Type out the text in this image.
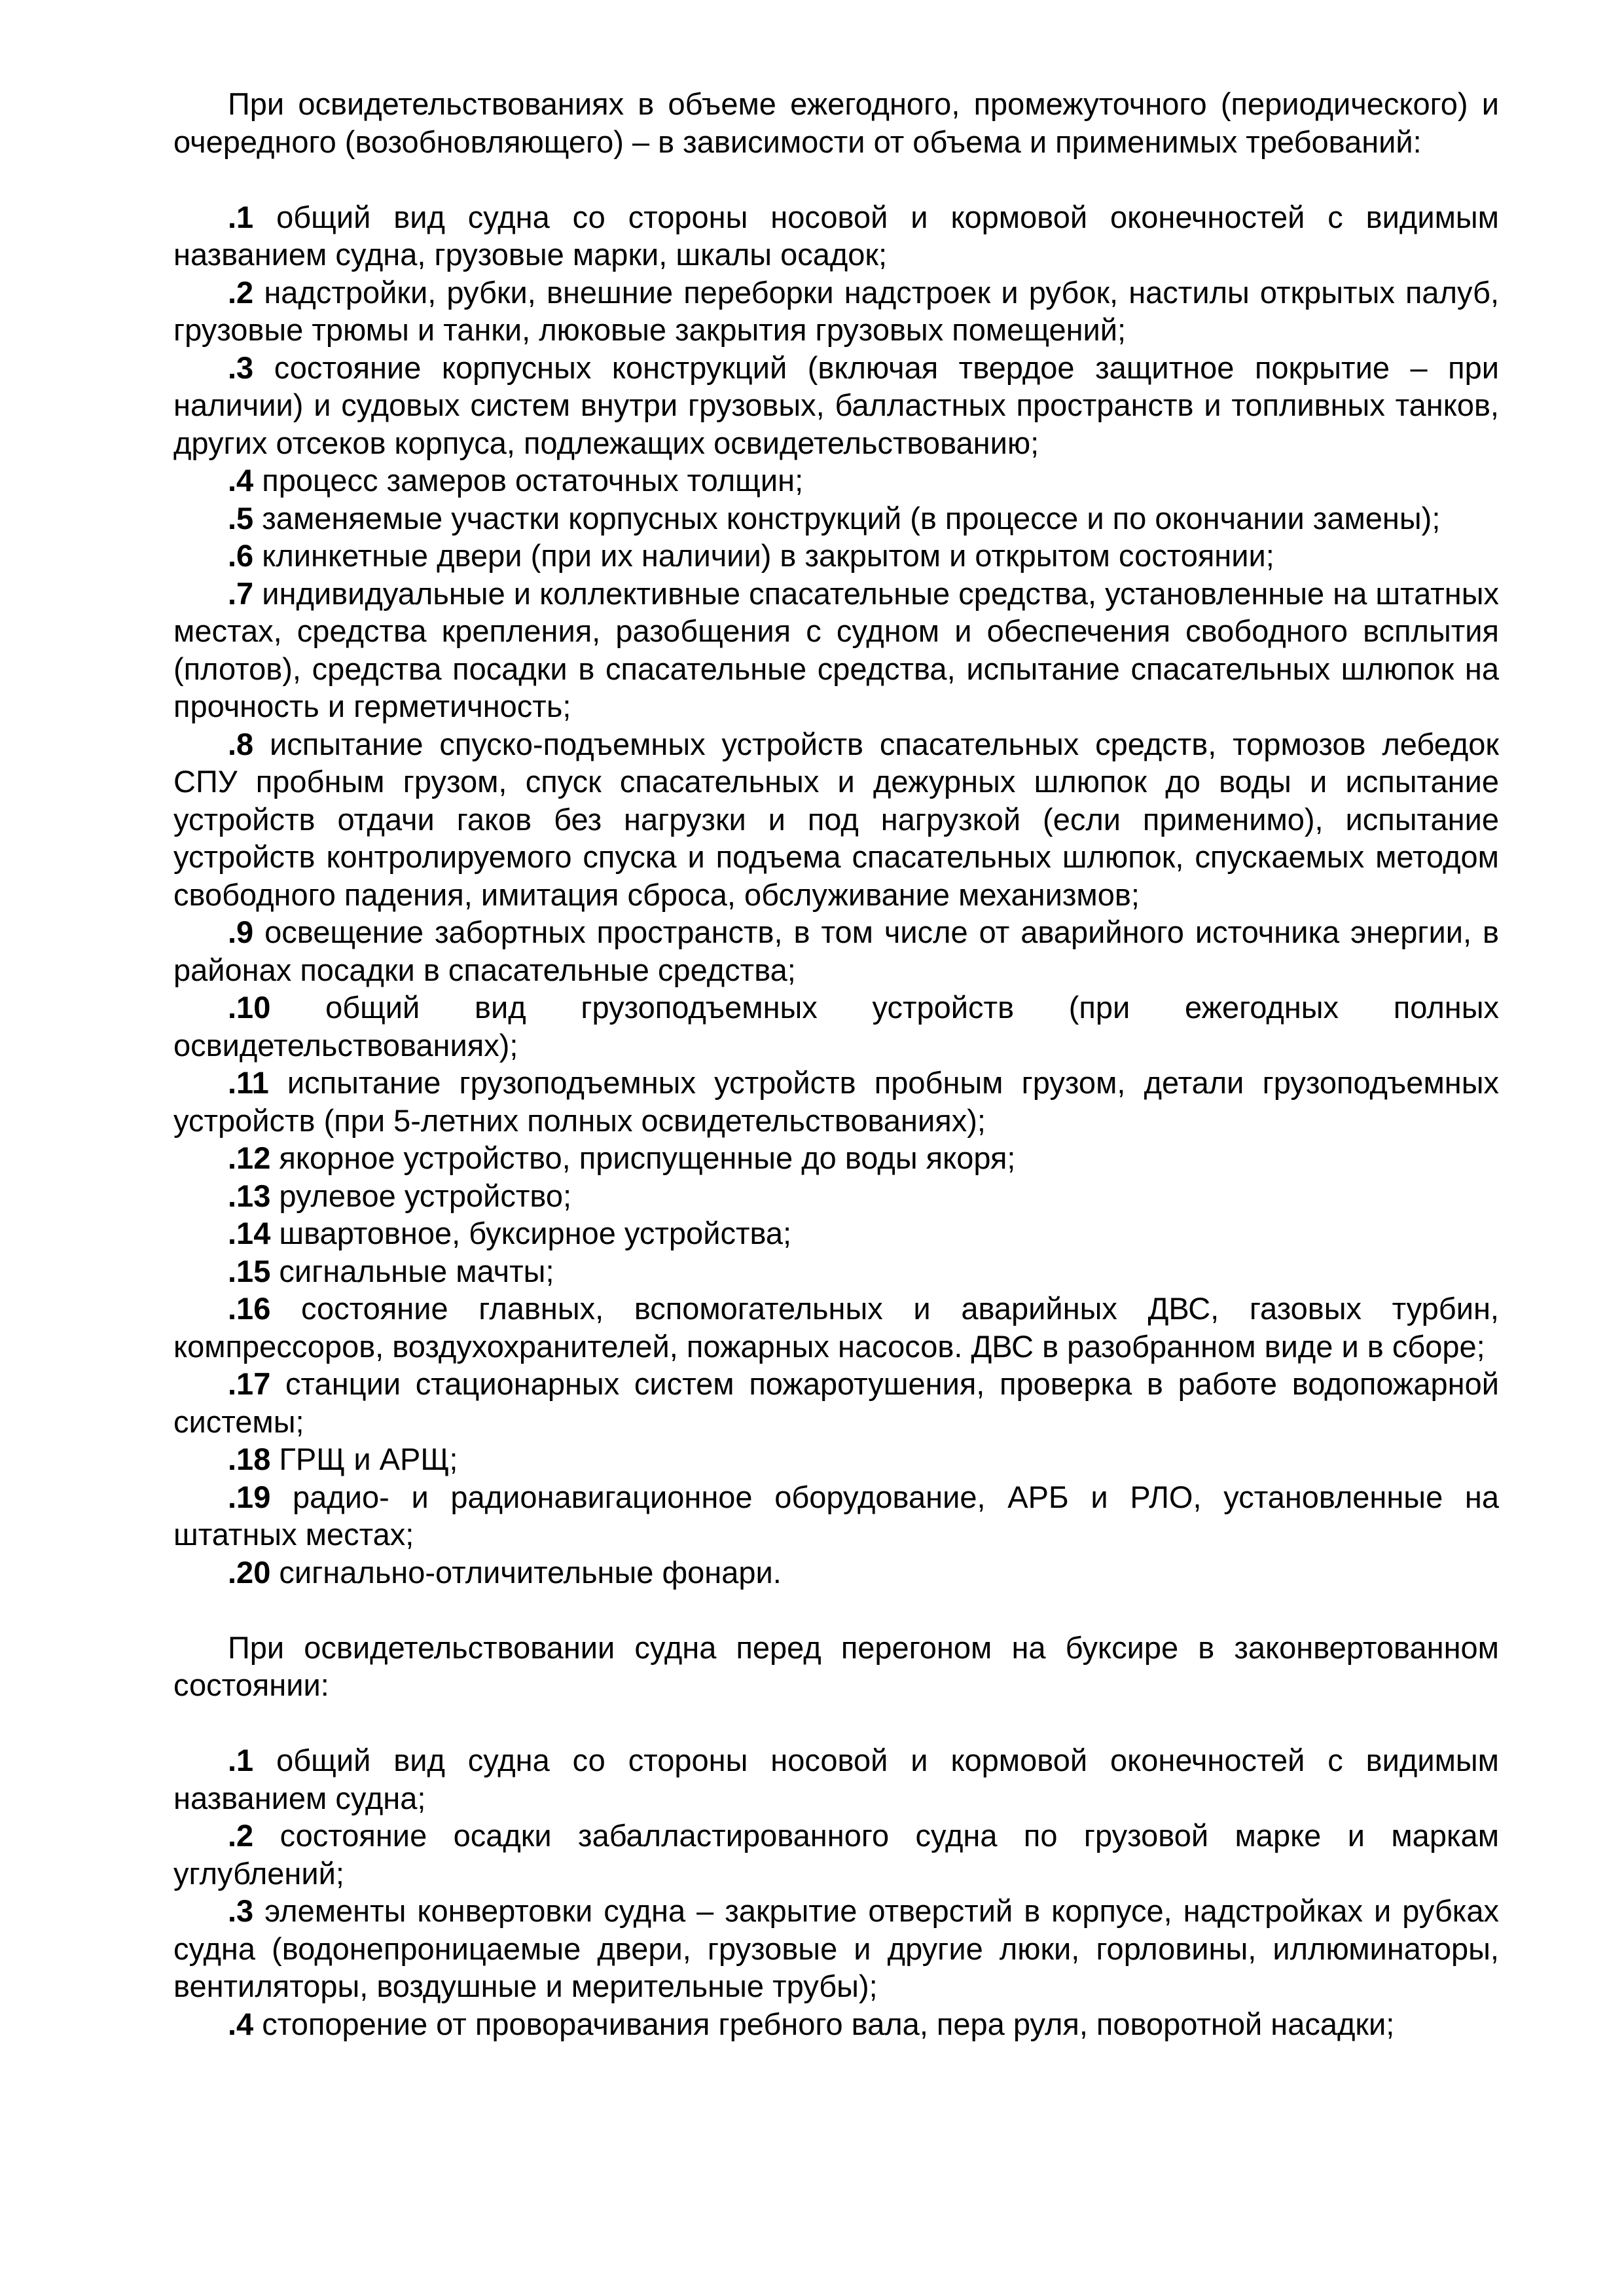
При освидетельствованиях в объеме ежегодного, промежуточного (периодического) и очередного (возобновляющего) – в зависимости от объема и применимых требований:

.1 общий вид судна со стороны носовой и кормовой оконечностей с видимым названием судна, грузовые марки, шкалы осадок;

.2 надстройки, рубки, внешние переборки надстроек и рубок, настилы открытых палуб, грузовые трюмы и танки, люковые закрытия грузовых помещений;

.3 состояние корпусных конструкций (включая твердое защитное покрытие – при наличии) и судовых систем внутри грузовых, балластных пространств и топливных танков, других отсеков корпуса, подлежащих освидетельствованию;

.4 процесс замеров остаточных толщин;

.5 заменяемые участки корпусных конструкций (в процессе и по окончании замены);

.6 клинкетные двери (при их наличии) в закрытом и открытом состоянии;

.7 индивидуальные и коллективные спасательные средства, установленные на штатных местах, средства крепления, разобщения с судном и обеспечения свободного всплытия (плотов), средства посадки в спасательные средства, испытание спасательных шлюпок на прочность и герметичность;

.8 испытание спуско-подъемных устройств спасательных средств, тормозов лебедок СПУ пробным грузом, спуск спасательных и дежурных шлюпок до воды и испытание устройств отдачи гаков без нагрузки и под нагрузкой (если применимо), испытание устройств контролируемого спуска и подъема спасательных шлюпок, спускаемых методом свободного падения, имитация сброса, обслуживание механизмов;

.9 освещение забортных пространств, в том числе от аварийного источника энергии, в районах посадки в спасательные средства;

.10 общий вид грузоподъемных устройств (при ежегодных полных освидетельствованиях);

.11 испытание грузоподъемных устройств пробным грузом, детали грузоподъемных устройств (при 5-летних полных освидетельствованиях);

.12 якорное устройство, приспущенные до воды якоря;

.13 рулевое устройство;

.14 швартовное, буксирное устройства;

.15 сигнальные мачты;

.16 состояние главных, вспомогательных и аварийных ДВС, газовых турбин, компрессоров, воздухохранителей, пожарных насосов. ДВС в разобранном виде и в сборе;

.17 станции стационарных систем пожаротушения, проверка в работе водопожарной системы;

.18 ГРЩ и АРЩ;

.19 радио- и радионавигационное оборудование, АРБ и РЛО, установленные на штатных местах;

.20 сигнально-отличительные фонари.

При освидетельствовании судна перед перегоном на буксире в законвертованном состоянии:

.1 общий вид судна со стороны носовой и кормовой оконечностей с видимым названием судна;

.2 состояние осадки забалластированного судна по грузовой марке и маркам углублений;

.3 элементы конвертовки судна – закрытие отверстий в корпусе, надстройках и рубках судна (водонепроницаемые двери, грузовые и другие люки, горловины, иллюминаторы, вентиляторы, воздушные и мерительные трубы);

.4 стопорение от проворачивания гребного вала, пера руля, поворотной насадки;
